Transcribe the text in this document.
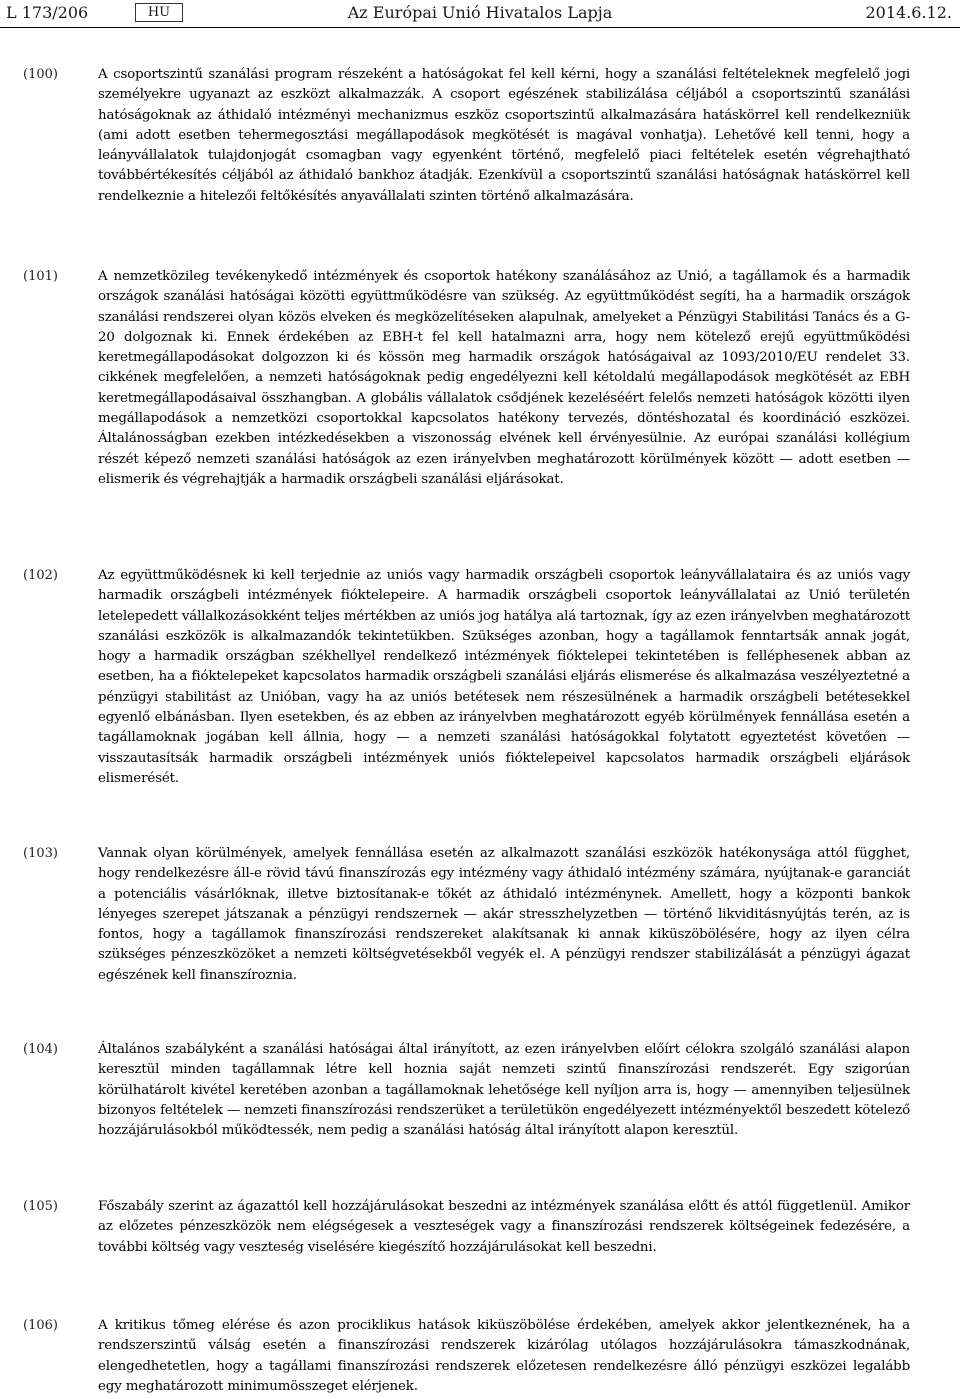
L 173/206	HU	Az Európai Unió Hivatalos Lapja	2014.6.12.
(100)	A csoportszintű szanálási program részeként a hatóságokat fel kell kérni, hogy a szanálási feltételeknek megfelelő jogi személyekre ugyanazt az eszközt alkalmazzák. A csoport egészének stabilizálása céljából a csoportszintű szanálási hatóságoknak az áthidaló intézményi mechanizmus eszköz csoportszintű alkalmazására hatáskörrel kell rendelkezniük (ami adott esetben tehermegosztási megállapodások megkötését is magával vonhatja). Lehetővé kell tenni, hogy a leányvállalatok tulajdonjogát csomagban vagy egyenként történő, megfelelő piaci feltételek esetén végrehajtható továbbértékesítés céljából az áthidaló bankhoz átadják. Ezenkívül a csoportszintű szanálási hatóságnak hatáskörrel kell rendelkeznie a hitelezői feltőkésítés anyavállalati szinten történő alkalmazására.
(101)	A nemzetközileg tevékenykedő intézmények és csoportok hatékony szanálásához az Unió, a tagállamok és a harmadik országok szanálási hatóságai közötti együttműködésre van szükség. Az együttműködést segíti, ha a harmadik országok szanálási rendszerei olyan közös elveken és megközelítéseken alapulnak, amelyeket a Pénzügyi Stabilitási Tanács és a G-20 dolgoznak ki. Ennek érdekében az EBH-t fel kell hatalmazni arra, hogy nem kötelező erejű együttműködési keretmegállapodásokat dolgozzon ki és kössön meg harmadik országok hatóságaival az 1093/2010/EU rendelet 33. cikkének megfelelően, a nemzeti hatóságoknak pedig engedélyezni kell kétoldalú megállapodások megkötését az EBH keretmegállapodásaival összhangban. A globális vállalatok csődjének kezeléséért felelős nemzeti hatóságok közötti ilyen megállapodások a nemzetközi csoportokkal kapcsolatos hatékony tervezés, döntéshozatal és koordináció eszközei. Általánosságban ezekben intézkedésekben a viszonosság elvének kell érvényesülnie. Az európai szanálási kollégium részét képező nemzeti szanálási hatóságok az ezen irányelvben meghatározott körülmények között — adott esetben — elismerik és végrehajtják a harmadik országbeli szanálási eljárásokat.
(102)	Az együttműködésnek ki kell terjednie az uniós vagy harmadik országbeli csoportok leányvállalataira és az uniós vagy harmadik országbeli intézmények fióktelepeire. A harmadik országbeli csoportok leányvállalatai az Unió területén letelepedett vállalkozásokként teljes mértékben az uniós jog hatálya alá tartoznak, így az ezen irányelvben meghatározott szanálási eszközök is alkalmazandók tekintetükben. Szükséges azonban, hogy a tagállamok fenntartsák annak jogát, hogy a harmadik országban székhellyel rendelkező intézmények fióktelepei tekintetében is felléphesenek abban az esetben, ha a fióktelepeket kapcsolatos harmadik országbeli szanálási eljárás elismerése és alkalmazása veszélyeztetné a pénzügyi stabilitást az Unióban, vagy ha az uniós betétesek nem részesülnének a harmadik országbeli betétesekkel egyenlő elbánásban. Ilyen esetekben, és az ebben az irányelvben meghatározott egyéb körülmények fennállása esetén a tagállamoknak jogában kell állnia, hogy — a nemzeti szanálási hatóságokkal folytatott egyeztetést követően — visszautasítsák harmadik országbeli intézmények uniós fióktelepeivel kapcsolatos harmadik országbeli eljárások elismerését.
(103)	Vannak olyan körülmények, amelyek fennállása esetén az alkalmazott szanálási eszközök hatékonysága attól függhet, hogy rendelkezésre áll-e rövid távú finanszírozás egy intézmény vagy áthidaló intézmény számára, nyújtanak-e garanciát a potenciális vásárlóknak, illetve biztosítanak-e tőkét az áthidaló intézménynek. Amellett, hogy a központi bankok lényeges szerepet játszanak a pénzügyi rendszernek — akár stresszhelyzetben — történő likviditásnyújtás terén, az is fontos, hogy a tagállamok finanszírozási rendszereket alakítsanak ki annak kiküszöbölésére, hogy az ilyen célra szükséges pénzeszközöket a nemzeti költségvetésekből vegyék el. A pénzügyi rendszer stabilizálását a pénzügyi ágazat egészének kell finanszíroznia.
(104)	Általános szabályként a szanálási hatóságai által irányított, az ezen irányelvben előírt célokra szolgáló szanálási alapon keresztül minden tagállamnak létre kell hoznia saját nemzeti szintű finanszírozási rendszerét. Egy szigorúan körülhatárolt kivétel keretében azonban a tagállamoknak lehetősége kell nyíljon arra is, hogy — amennyiben teljesülnek bizonyos feltételek — nemzeti finanszírozási rendszerüket a területükön engedélyezett intézményektől beszedett kötelező hozzájárulásokból működtessék, nem pedig a szanálási hatóság által irányított alapon keresztül.
(105)	Főszabály szerint az ágazattól kell hozzájárulásokat beszedni az intézmények szanálása előtt és attól függetlenül. Amikor az előzetes pénzeszközök nem elégségesek a veszteségek vagy a finanszírozási rendszerek költségeinek fedezésére, a további költség vagy veszteség viselésére kiegészítő hozzájárulásokat kell beszedni.
(106)	A kritikus tőmeg elérése és azon prociklikus hatások kiküszöbölése érdekében, amelyek akkor jelentkeznének, ha a rendszerszintű válság esetén a finanszírozási rendszerek kizárólag utólagos hozzájárulásokra támaszkodnának, elengedhetetlen, hogy a tagállami finanszírozási rendszerek előzetesen rendelkezésre álló pénzügyi eszközei legalább egy meghatározott minimumösszeget elérjenek.
